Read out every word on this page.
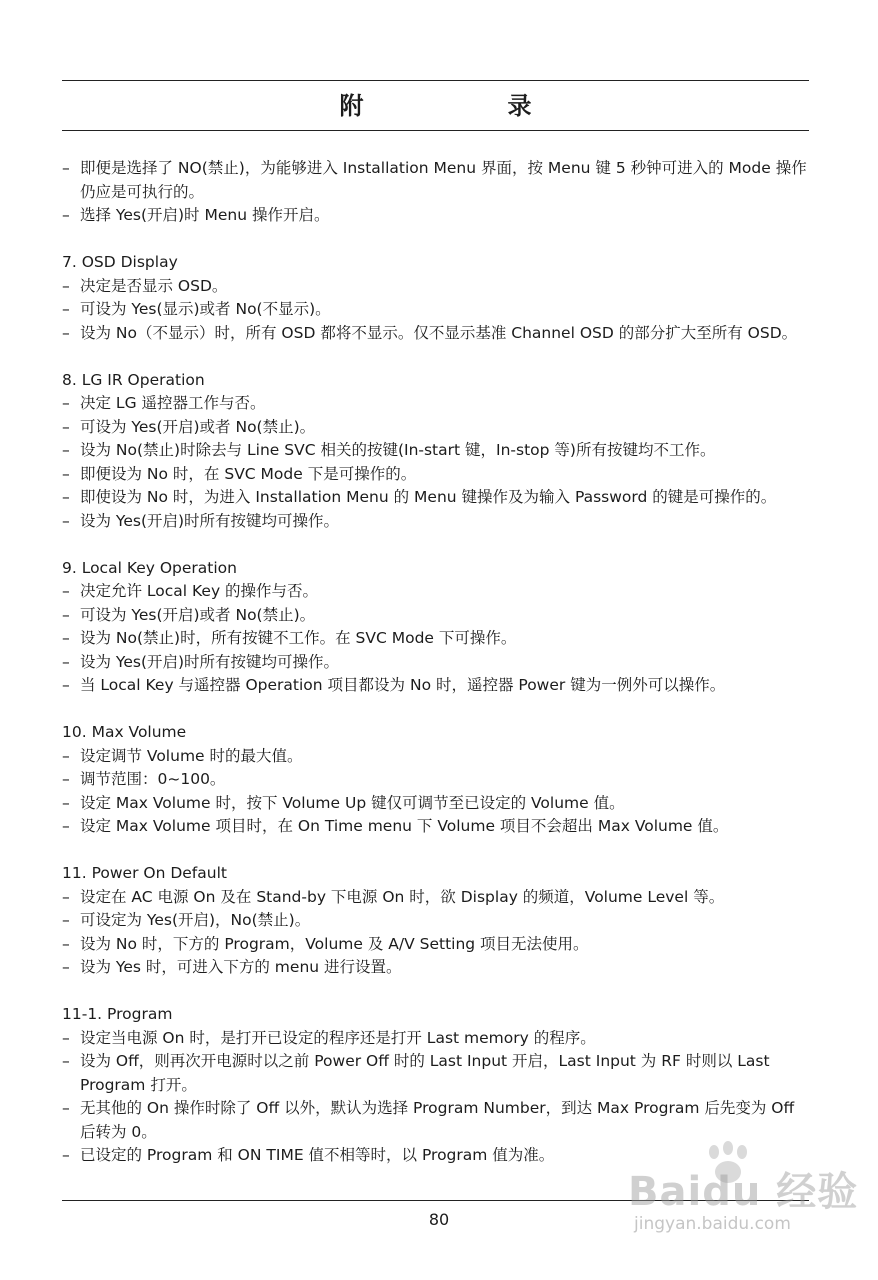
附　录
– 即便是选择了 NO(禁止)，为能够进入 Installation Menu 界面，按 Menu 键 5 秒钟可进入的 Mode 操作仍应是可执行的。
– 选择 Yes(开启)时 Menu 操作开启。
7. OSD Display
– 决定是否显示 OSD。
– 可设为 Yes(显示)或者 No(不显示)。
– 设为 No（不显示）时，所有 OSD 都将不显示。仅不显示基准 Channel OSD 的部分扩大至所有 OSD。
8. LG IR Operation
– 决定 LG 遥控器工作与否。
– 可设为 Yes(开启)或者 No(禁止)。
– 设为 No(禁止)时除去与 Line SVC 相关的按键(In-start 键，In-stop 等)所有按键均不工作。
– 即便设为 No 时，在 SVC Mode 下是可操作的。
– 即使设为 No 时，为进入 Installation Menu 的 Menu 键操作及为输入 Password 的键是可操作的。
– 设为 Yes(开启)时所有按键均可操作。
9. Local Key Operation
– 决定允许 Local Key 的操作与否。
– 可设为 Yes(开启)或者 No(禁止)。
– 设为 No(禁止)时，所有按键不工作。在 SVC Mode 下可操作。
– 设为 Yes(开启)时所有按键均可操作。
– 当 Local Key 与遥控器 Operation 项目都设为 No 时，遥控器 Power 键为一例外可以操作。
10. Max Volume
– 设定调节 Volume 时的最大值。
– 调节范围：0~100。
– 设定 Max Volume 时，按下 Volume Up 键仅可调节至已设定的 Volume 值。
– 设定 Max Volume 项目时，在 On Time menu 下 Volume 项目不会超出 Max Volume 值。
11. Power On Default
– 设定在 AC 电源 On 及在 Stand-by 下电源 On 时，欲 Display 的频道，Volume Level 等。
– 可设定为 Yes(开启)，No(禁止)。
– 设为 No 时，下方的 Program，Volume 及 A/V Setting 项目无法使用。
– 设为 Yes 时，可进入下方的 menu 进行设置。
11-1. Program
– 设定当电源 On 时，是打开已设定的程序还是打开 Last memory 的程序。
– 设为 Off，则再次开电源时以之前 Power Off 时的 Last Input 开启，Last Input 为 RF 时则以 Last Program 打开。
– 无其他的 On 操作时除了 Off 以外，默认为选择 Program Number，到达 Max Program 后先变为 Off 后转为 0。
– 已设定的 Program 和 ON TIME 值不相等时，以 Program 值为准。
80
Baidu 经验
jingyan.baidu.com
